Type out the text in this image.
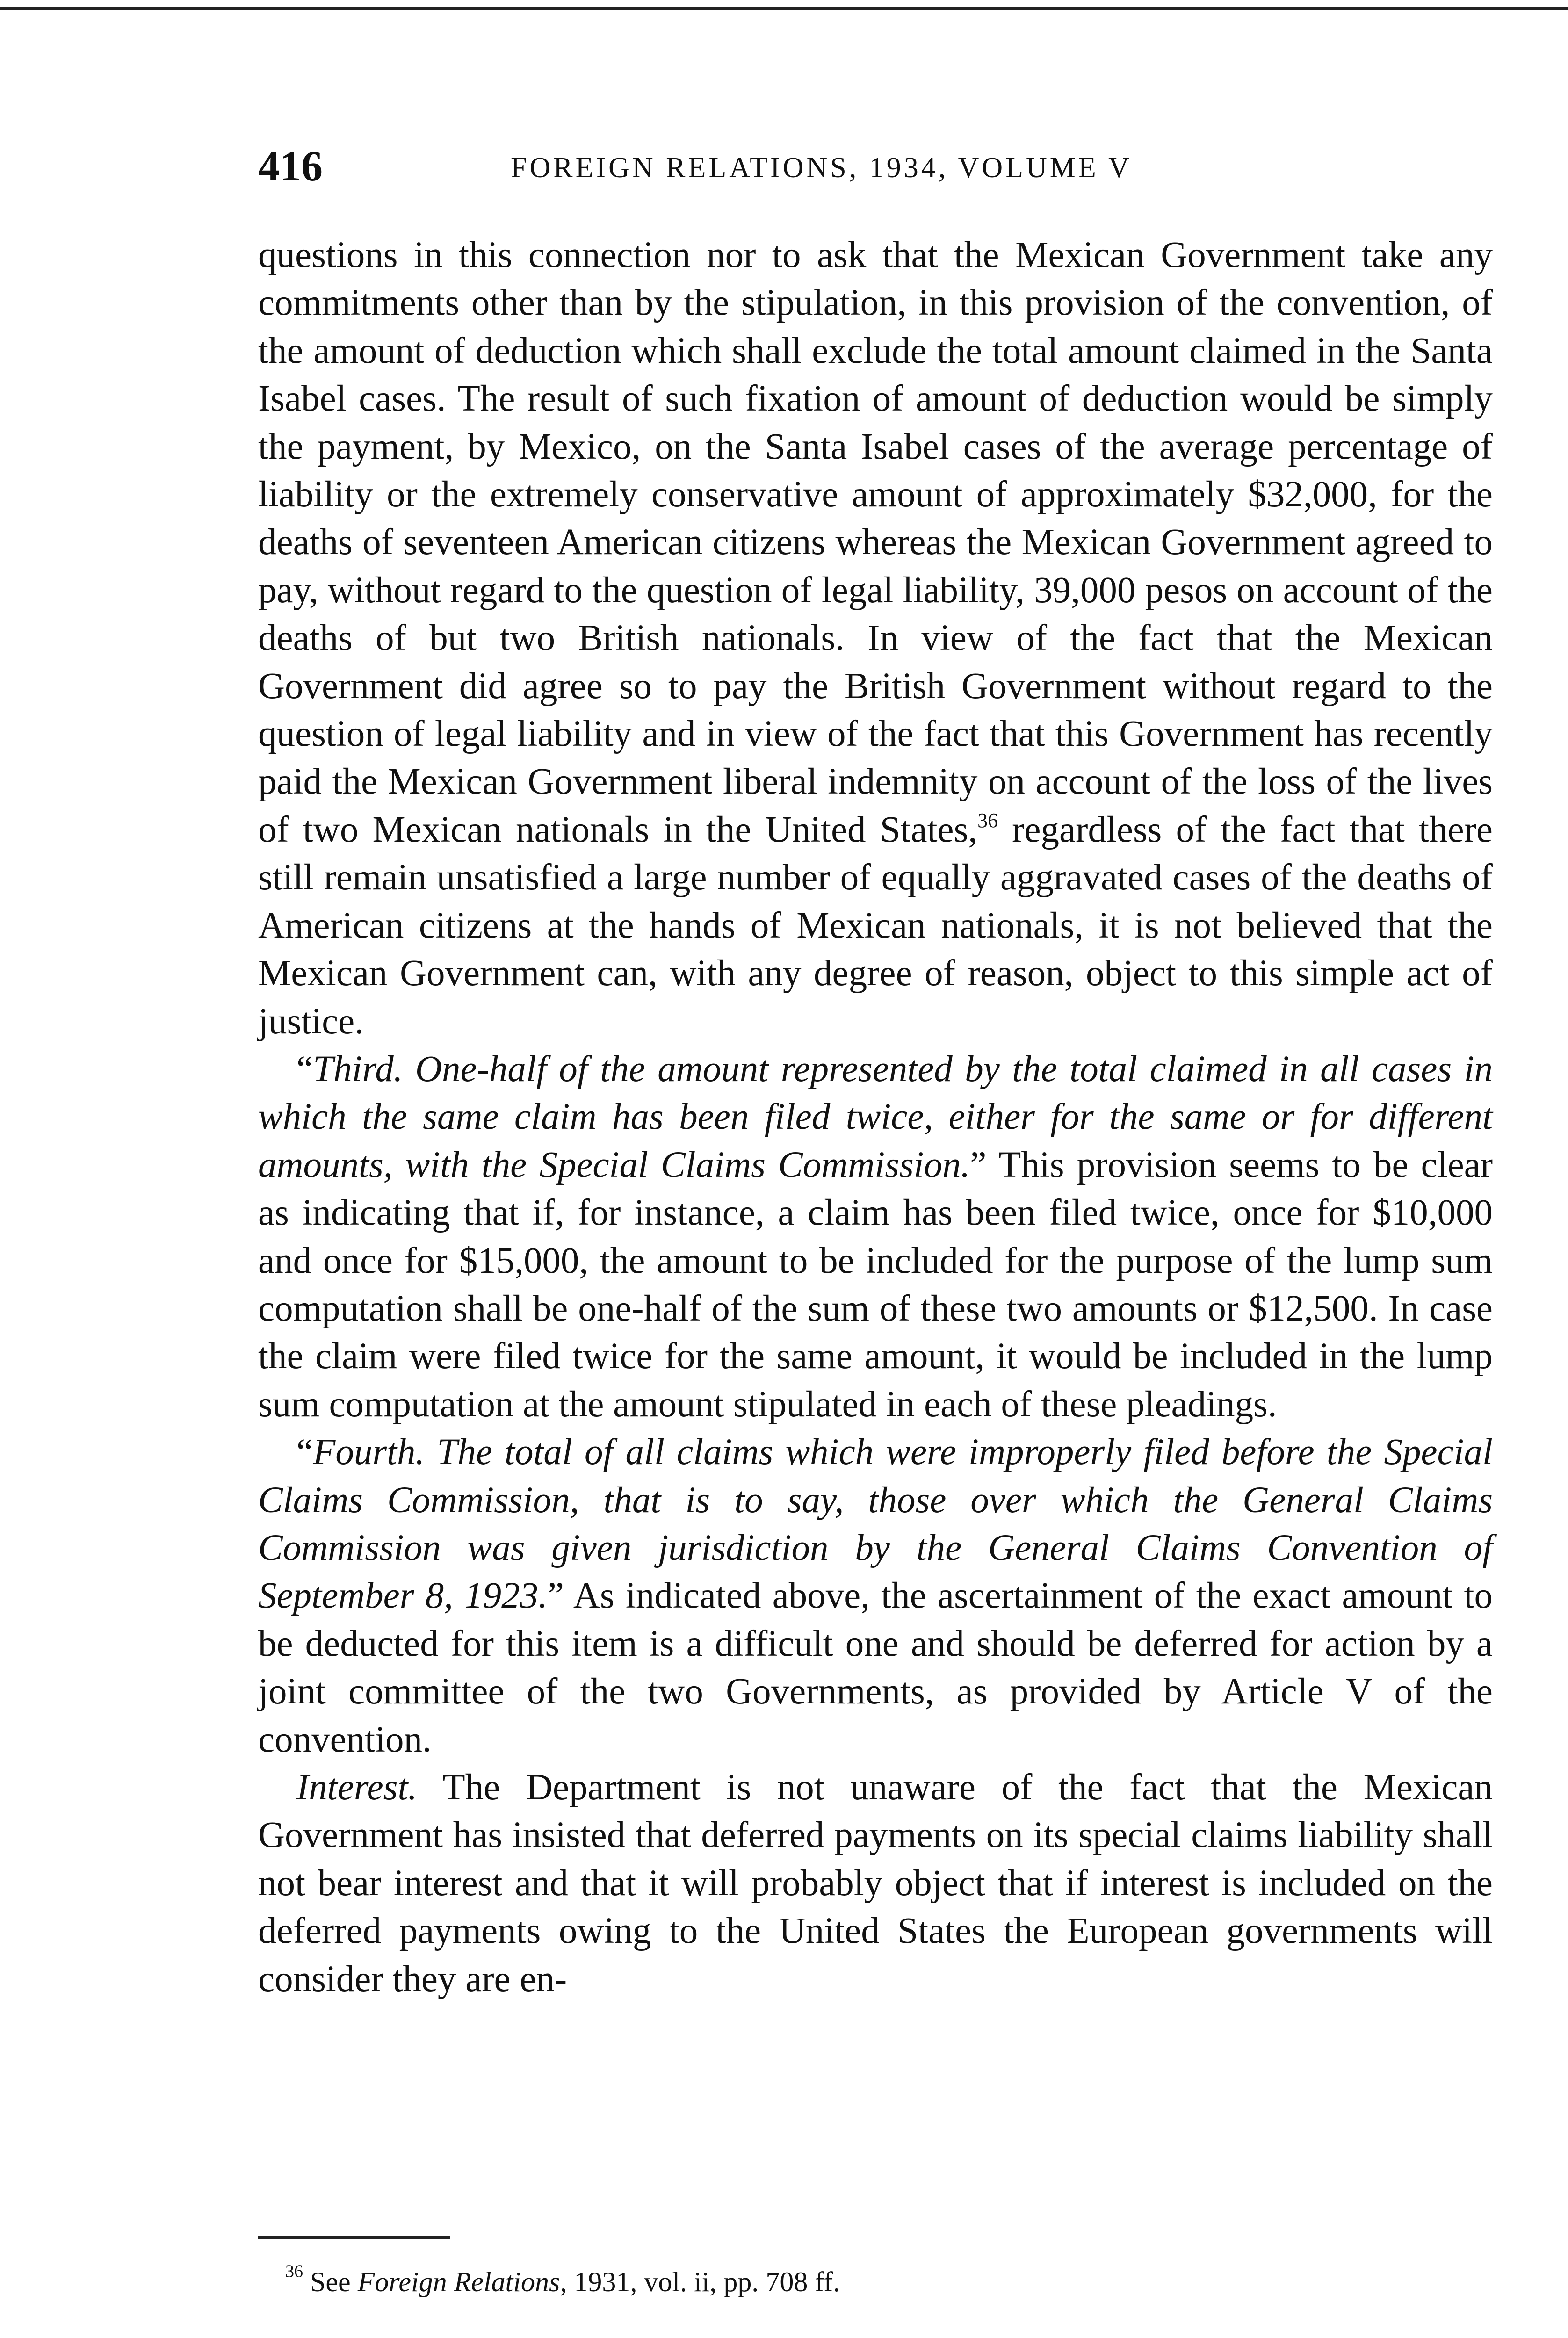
416	FOREIGN RELATIONS, 1934, VOLUME V

questions in this connection nor to ask that the Mexican Government take any commitments other than by the stipulation, in this provision of the convention, of the amount of deduction which shall exclude the total amount claimed in the Santa Isabel cases. The result of such fixation of amount of deduction would be simply the payment, by Mexico, on the Santa Isabel cases of the average percentage of liability or the extremely conservative amount of approximately $32,000, for the deaths of seventeen American citizens whereas the Mexican Government agreed to pay, without regard to the question of legal liability, 39,000 pesos on account of the deaths of but two British nationals. In view of the fact that the Mexican Government did agree so to pay the British Government without regard to the question of legal liability and in view of the fact that this Government has recently paid the Mexican Government liberal indemnity on account of the loss of the lives of two Mexican nationals in the United States,$^{36}$ regardless of the fact that there still remain unsatisfied a large number of equally aggravated cases of the deaths of American citizens at the hands of Mexican nationals, it is not believed that the Mexican Government can, with any degree of reason, object to this simple act of justice.

“Third. One-half of the amount represented by the total claimed in all cases in which the same claim has been filed twice, either for the same or for different amounts, with the Special Claims Commission.” This provision seems to be clear as indicating that if, for instance, a claim has been filed twice, once for $10,000 and once for $15,000, the amount to be included for the purpose of the lump sum computation shall be one-half of the sum of these two amounts or $12,500. In case the claim were filed twice for the same amount, it would be included in the lump sum computation at the amount stipulated in each of these pleadings.

“Fourth. The total of all claims which were improperly filed before the Special Claims Commission, that is to say, those over which the General Claims Commission was given jurisdiction by the General Claims Convention of September 8, 1923.” As indicated above, the ascertainment of the exact amount to be deducted for this item is a difficult one and should be deferred for action by a joint committee of the two Governments, as provided by Article V of the convention.

Interest. The Department is not unaware of the fact that the Mexican Government has insisted that deferred payments on its special claims liability shall not bear interest and that it will probably object that if interest is included on the deferred payments owing to the United States the European governments will consider they are en-

$^{36}$ See Foreign Relations, 1931, vol. ii, pp. 708 ff.
